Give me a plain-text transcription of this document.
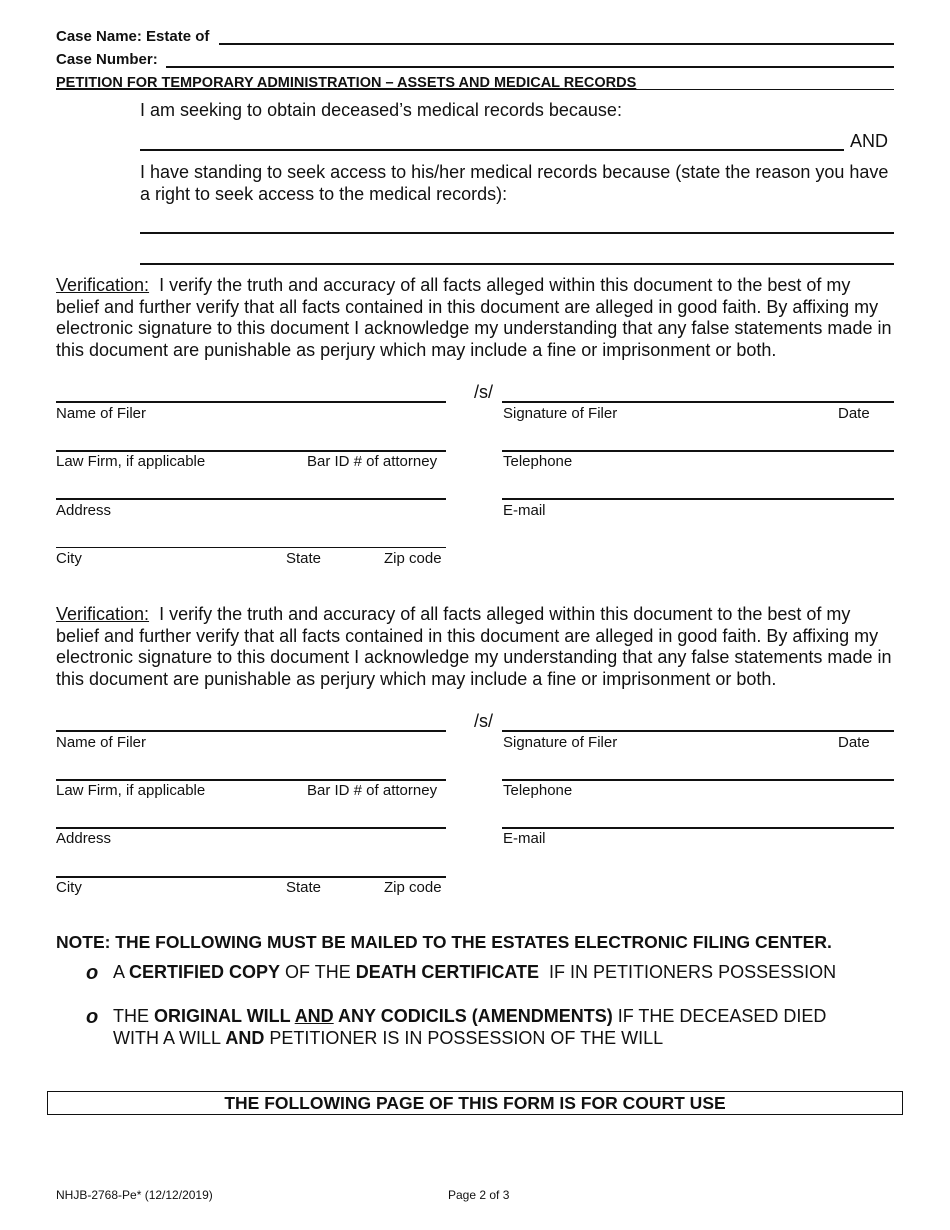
Case Name: Estate of
Case Number:
PETITION FOR TEMPORARY ADMINISTRATION – ASSETS AND MEDICAL RECORDS
I am seeking to obtain deceased’s medical records because:
AND
I have standing to seek access to his/her medical records because (state the reason you have a right to seek access to the medical records):
Verification: I verify the truth and accuracy of all facts alleged within this document to the best of my belief and further verify that all facts contained in this document are alleged in good faith. By affixing my electronic signature to this document I acknowledge my understanding that any false statements made in this document are punishable as perjury which may include a fine or imprisonment or both.
/s/
Name of Filer	Signature of Filer	Date
Law Firm, if applicable	Bar ID # of attorney	Telephone
Address	E-mail
City	State	Zip code
Verification: I verify the truth and accuracy of all facts alleged within this document to the best of my belief and further verify that all facts contained in this document are alleged in good faith. By affixing my electronic signature to this document I acknowledge my understanding that any false statements made in this document are punishable as perjury which may include a fine or imprisonment or both.
/s/
Name of Filer	Signature of Filer	Date
Law Firm, if applicable	Bar ID # of attorney	Telephone
Address	E-mail
City	State	Zip code
NOTE: THE FOLLOWING MUST BE MAILED TO THE ESTATES ELECTRONIC FILING CENTER.
o A CERTIFIED COPY OF THE DEATH CERTIFICATE  IF IN PETITIONERS POSSESSION
o THE ORIGINAL WILL AND ANY CODICILS (AMENDMENTS) IF THE DECEASED DIED WITH A WILL AND PETITIONER IS IN POSSESSION OF THE WILL
THE FOLLOWING PAGE OF THIS FORM IS FOR COURT USE
NHJB-2768-Pe* (12/12/2019)	Page 2 of 3
